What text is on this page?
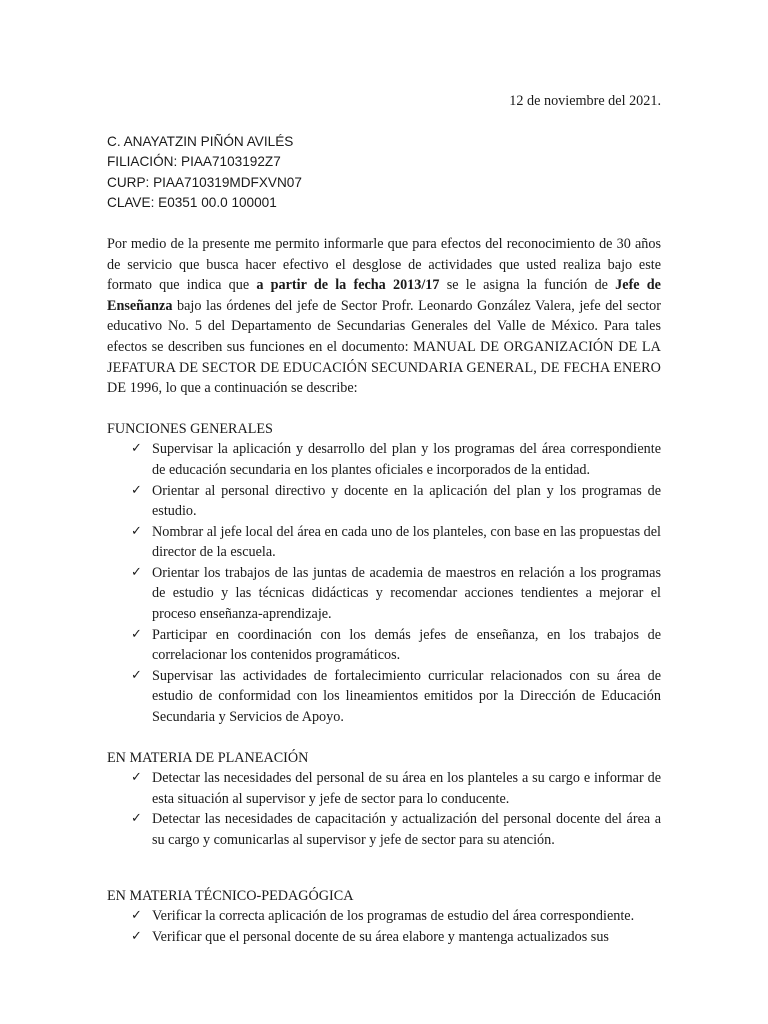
12 de noviembre del 2021.

C. ANAYATZIN PIÑÓN AVILÉS

FILIACIÓN: PIAA7103192Z7

CURP: PIAA710319MDFXVN07

CLAVE: E0351 00.0 100001

Por medio de la presente me permito informarle que para efectos del reconocimiento de 30 años de servicio que busca hacer efectivo el desglose de actividades que usted realiza bajo este formato que indica que a partir de la fecha 2013/17 se le asigna la función de Jefe de Enseñanza bajo las órdenes del jefe de Sector Profr. Leonardo González Valera, jefe del sector educativo No. 5 del Departamento de Secundarias Generales del Valle de México. Para tales efectos se describen sus funciones en el documento: MANUAL DE ORGANIZACIÓN DE LA JEFATURA DE SECTOR DE EDUCACIÓN SECUNDARIA GENERAL, DE FECHA ENERO DE 1996, lo que a continuación se describe:

FUNCIONES GENERALES

✓ Supervisar la aplicación y desarrollo del plan y los programas del área correspondiente de educación secundaria en los plantes oficiales e incorporados de la entidad.
✓ Orientar al personal directivo y docente en la aplicación del plan y los programas de estudio.
✓ Nombrar al jefe local del área en cada uno de los planteles, con base en las propuestas del director de la escuela.
✓ Orientar los trabajos de las juntas de academia de maestros en relación a los programas de estudio y las técnicas didácticas y recomendar acciones tendientes a mejorar el proceso enseñanza-aprendizaje.
✓ Participar en coordinación con los demás jefes de enseñanza, en los trabajos de correlacionar los contenidos programáticos.
✓ Supervisar las actividades de fortalecimiento curricular relacionados con su área de estudio de conformidad con los lineamientos emitidos por la Dirección de Educación Secundaria y Servicios de Apoyo.

EN MATERIA DE PLANEACIÓN

✓ Detectar las necesidades del personal de su área en los planteles a su cargo e informar de esta situación al supervisor y jefe de sector para lo conducente.
✓ Detectar las necesidades de capacitación y actualización del personal docente del área a su cargo y comunicarlas al supervisor y jefe de sector para su atención.

EN MATERIA TÉCNICO-PEDAGÓGICA

✓ Verificar la correcta aplicación de los programas de estudio del área correspondiente.
✓ Verificar que el personal docente de su área elabore y mantenga actualizados sus
